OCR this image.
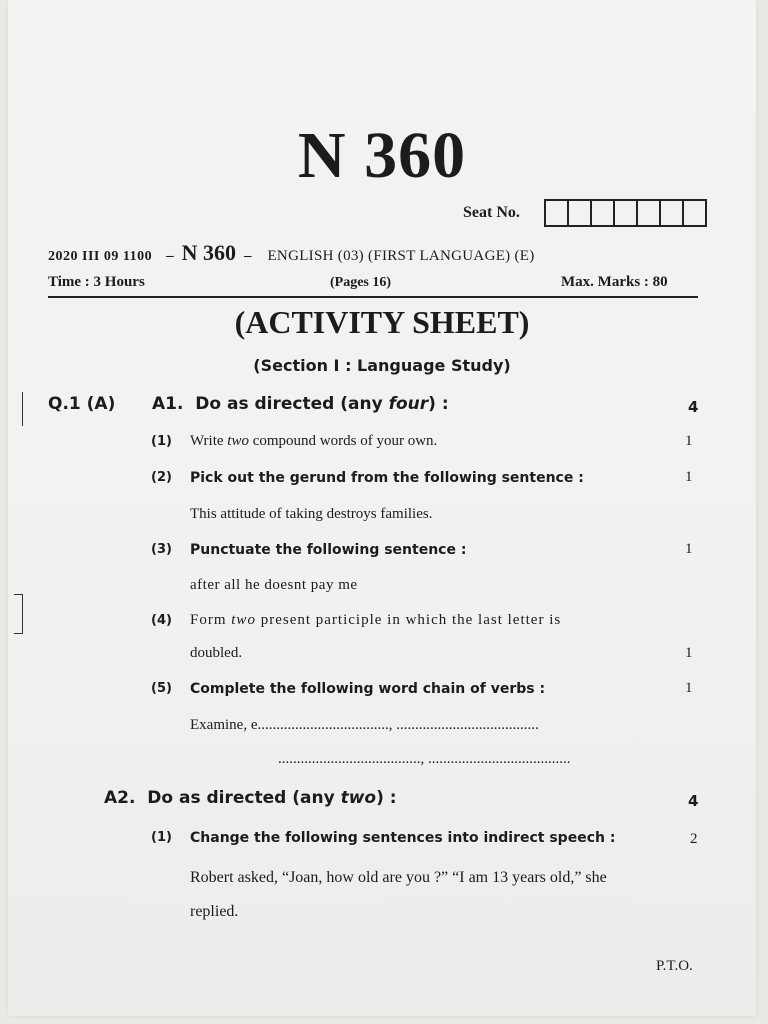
N 360
Seat No.
2020 III 09 1100 – N 360 – ENGLISH (03) (FIRST LANGUAGE) (E)
Time : 3 Hours	(Pages 16)	Max. Marks : 80
(ACTIVITY SHEET)
(Section I : Language Study)
Q.1 (A) A1. Do as directed (any four) :	4
(1) Write two compound words of your own.	1
(2) Pick out the gerund from the following sentence :	1
This attitude of taking destroys families.
(3) Punctuate the following sentence :	1
after all he doesnt pay me
(4) Form two present participle in which the last letter is
doubled.	1
(5) Complete the following word chain of verbs :	1
Examine, e..................................., ......................................
......................................, ......................................
A2. Do as directed (any two) :	4
(1) Change the following sentences into indirect speech :	2
Robert asked, “Joan, how old are you ?” “I am 13 years old,” she
replied.
P.T.O.
